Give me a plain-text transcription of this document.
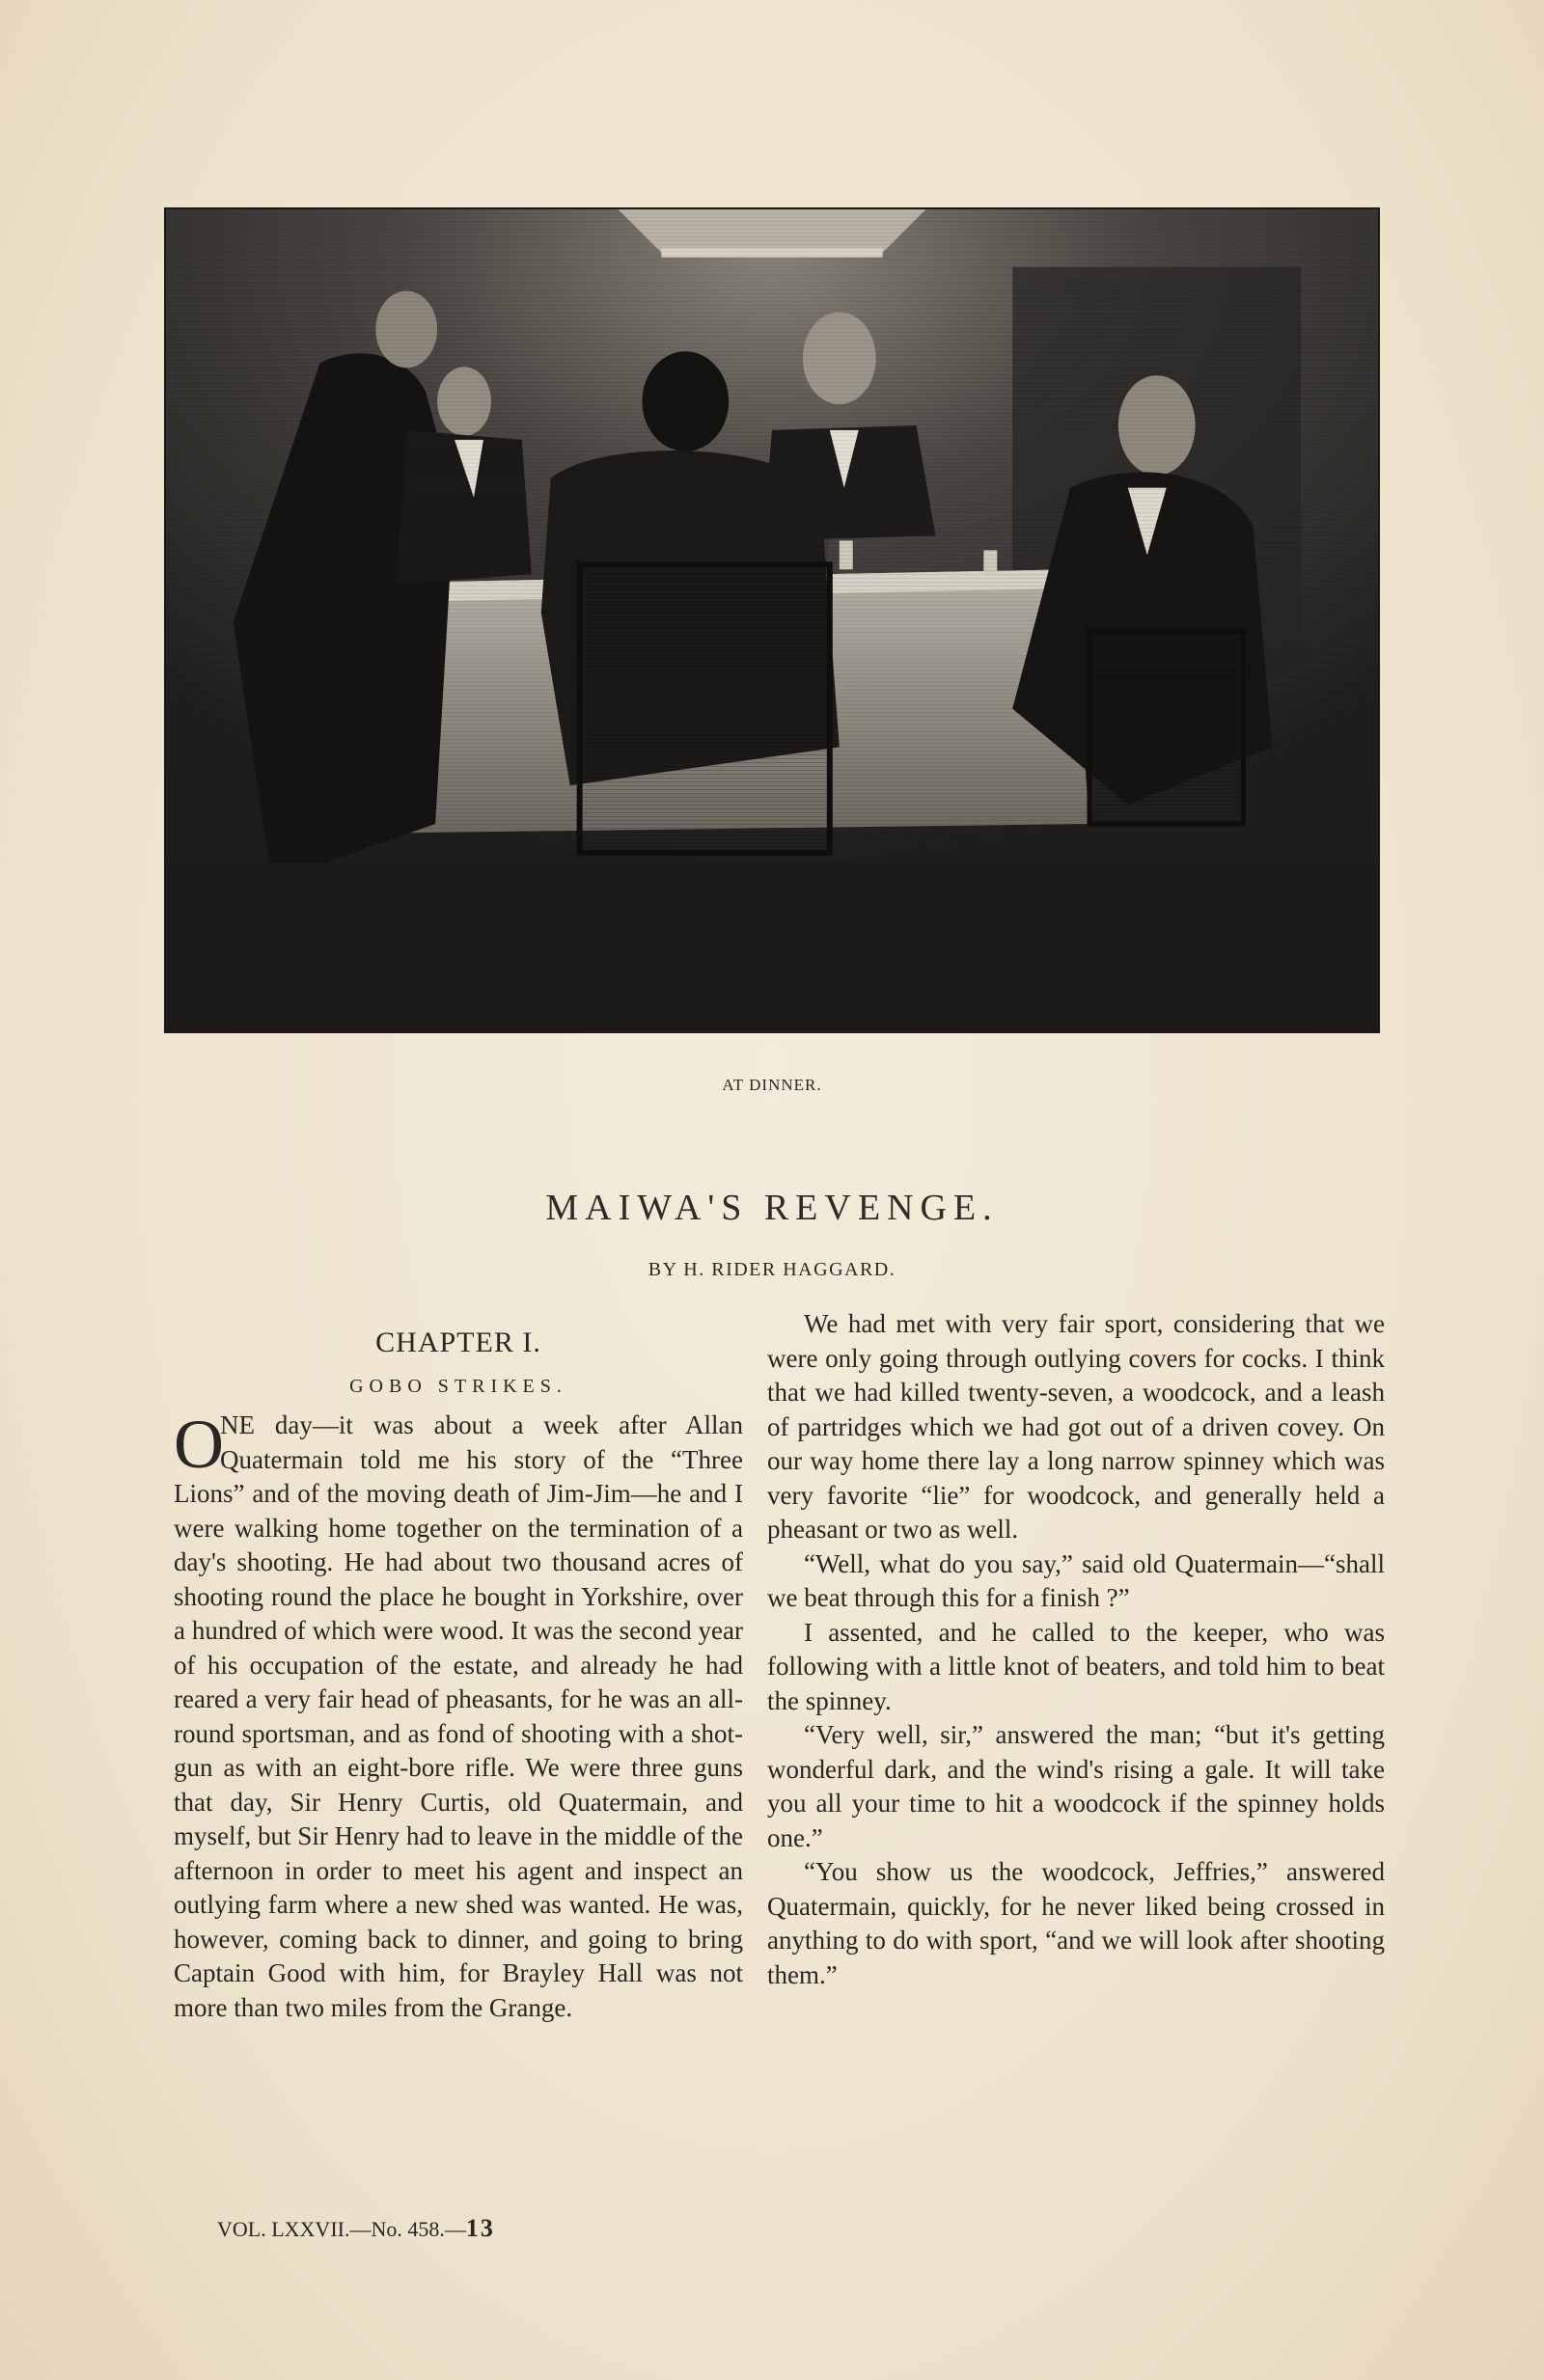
AT DINNER.
MAIWA'S REVENGE.
BY H. RIDER HAGGARD.
CHAPTER I.
GOBO STRIKES.
O

NE day—it was about a week after Allan Quatermain told me his story of the “Three Lions” and of the moving death of Jim-Jim—he and I were walking home together on the termination of a day's shooting. He had about two thousand acres of shooting round the place he bought in Yorkshire, over a hundred of which were wood. It was the second year of his occupation of the estate, and already he had reared a very fair head of pheasants, for he was an all-round sportsman, and as fond of shooting with a shot-gun as with an eight-bore rifle. We were three guns that day, Sir Henry Curtis, old Quatermain, and myself, but Sir Henry had to leave in the middle of the afternoon in order to meet his agent and inspect an outlying farm where a new shed was wanted. He was, however, coming back to dinner, and going to bring Captain Good with him, for Brayley Hall was not more than two miles from the Grange.

VOL. LXXVII.—No. 458.—13

We had met with very fair sport, considering that we were only going through outlying covers for cocks. I think that we had killed twenty-seven, a woodcock, and a leash of partridges which we had got out of a driven covey. On our way home there lay a long narrow spinney which was very favorite “lie” for woodcock, and generally held a pheasant or two as well.

“Well, what do you say,” said old Quatermain—“shall we beat through this for a finish ?”

I assented, and he called to the keeper, who was following with a little knot of beaters, and told him to beat the spinney.

“Very well, sir,” answered the man; “but it's getting wonderful dark, and the wind's rising a gale. It will take you all your time to hit a woodcock if the spinney holds one.”

“You show us the woodcock, Jeffries,” answered Quatermain, quickly, for he never liked being crossed in anything to do with sport, “and we will look after shooting them.”
